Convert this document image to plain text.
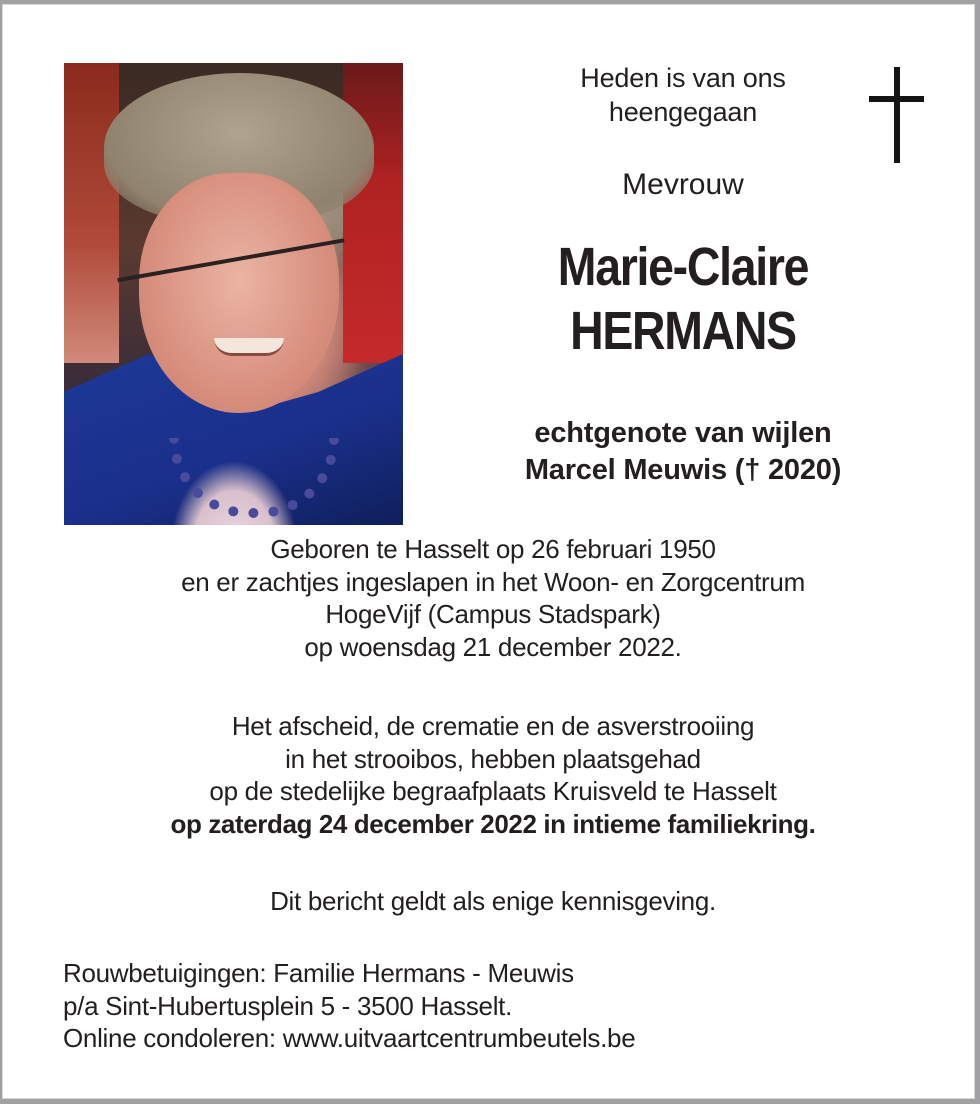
Heden is van ons
heengegaan
Mevrouw
Marie-Claire
HERMANS
echtgenote van wijlen
Marcel Meuwis († 2020)
Geboren te Hasselt op 26 februari 1950
en er zachtjes ingeslapen in het Woon- en Zorgcentrum
HogeVijf (Campus Stadspark)
op woensdag 21 december 2022.
Het afscheid, de crematie en de asverstrooiing
in het strooibos, hebben plaatsgehad
op de stedelijke begraafplaats Kruisveld te Hasselt
op zaterdag 24 december 2022 in intieme familiekring.
Dit bericht geldt als enige kennisgeving.
Rouwbetuigingen: Familie Hermans - Meuwis
p/a Sint-Hubertusplein 5 - 3500 Hasselt.
Online condoleren: www.uitvaartcentrumbeutels.be
